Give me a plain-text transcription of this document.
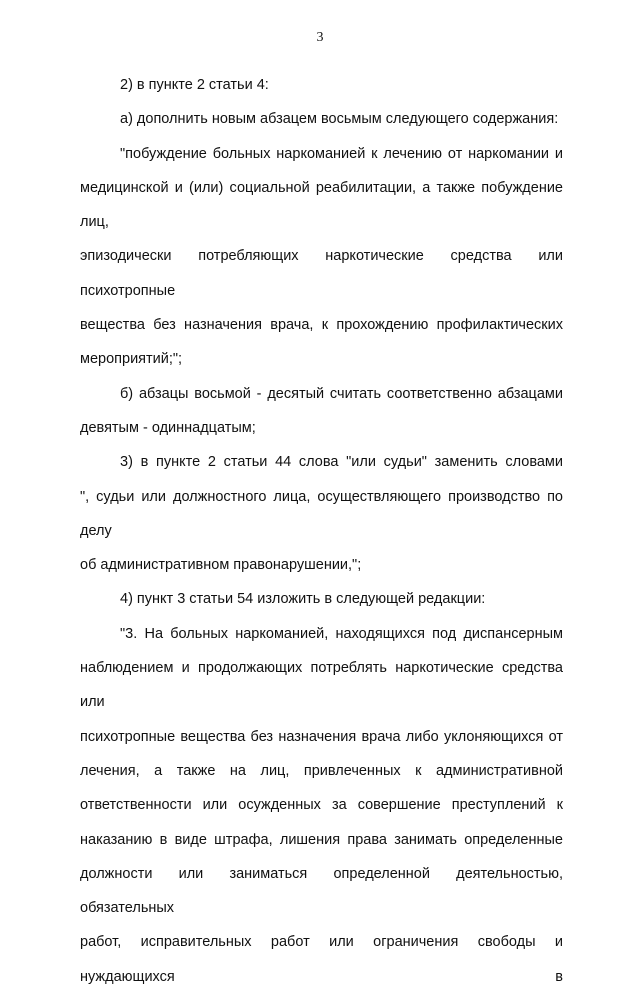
3

2) в пункте 2 статьи 4:

а) дополнить новым абзацем восьмым следующего содержания:

"побуждение больных наркоманией к лечению от наркомании и
медицинской и (или) социальной реабилитации, а также побуждение лиц,
эпизодически потребляющих наркотические средства или психотропные
вещества без назначения врача, к прохождению профилактических
мероприятий;";

б) абзацы восьмой - десятый считать соответственно абзацами
девятым - одиннадцатым;

3) в пункте 2 статьи 44 слова "или судьи" заменить словами
", судьи или должностного лица, осуществляющего производство по делу
об административном правонарушении,";

4) пункт 3 статьи 54 изложить в следующей редакции:

"3. На больных наркоманией, находящихся под диспансерным
наблюдением и продолжающих потреблять наркотические средства или
психотропные вещества без назначения врача либо уклоняющихся от
лечения, а также на лиц, привлеченных к административной
ответственности или осужденных за совершение преступлений к
наказанию в виде штрафа, лишения права занимать определенные
должности или заниматься определенной деятельностью, обязательных
работ, исправительных работ или ограничения свободы и нуждающихся в
